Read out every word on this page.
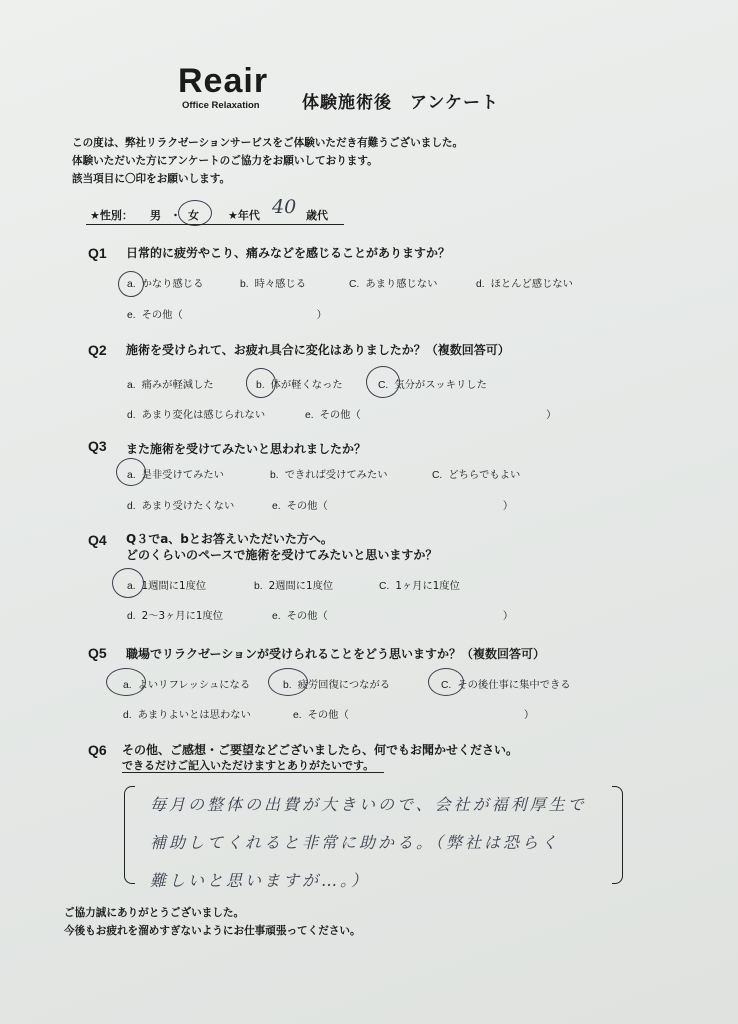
Reair
Office Relaxation 体験施術後　アンケート
この度は、弊社リラクゼーションサービスをご体験いただき有難うございました。
体験いただいた方にアンケートのご協力をお願いしております。
該当項目に〇印をお願いします。
★性別： 男 ・ 女	★年代 40 歳代
Q1 日常的に疲労やこり、痛みなどを感じることがありますか？
a. かなり感じる	b. 時々感じる	C. あまり感じない	d. ほとんど感じない
e. その他（　　　　　　　　　　　　　）
Q2 施術を受けられて、お疲れ具合に変化はありましたか？（複数回答可）
a. 痛みが軽減した	b. 体が軽くなった	C. 気分がスッキリした
d. あまり変化は感じられない	e. その他（　　　　　　　　　　　　　　　　　　）
Q3 また施術を受けてみたいと思われましたか？
a. 是非受けてみたい	b. できれば受けてみたい	C. どちらでもよい
d. あまり受けたくない	e. その他（　　　　　　　　　　　　　　　　　）
Q4 Q３でa、bとお答えいただいた方へ。
どのくらいのペースで施術を受けてみたいと思いますか？
a. 1週間に1度位	b. 2週間に1度位	C. 1ヶ月に1度位
d. 2～3ヶ月に1度位	e. その他（　　　　　　　　　　　　　　　　　）
Q5 職場でリラクゼーションが受けられることをどう思いますか？（複数回答可）
a. よいリフレッシュになる	b. 疲労回復につながる	C. その後仕事に集中できる
d. あまりよいとは思わない	e. その他（　　　　　　　　　　　　　　　　　）
Q6 その他、ご感想・ご要望などございましたら、何でもお聞かせください。
できるだけご記入いただけますとありがたいです。
毎月の整体の出費が大きいので、会社が福利厚生で
補助してくれると非常に助かる。（弊社は恐らく
難しいと思いますが…。）
ご協力誠にありがとうございました。
今後もお疲れを溜めすぎないようにお仕事頑張ってください。
